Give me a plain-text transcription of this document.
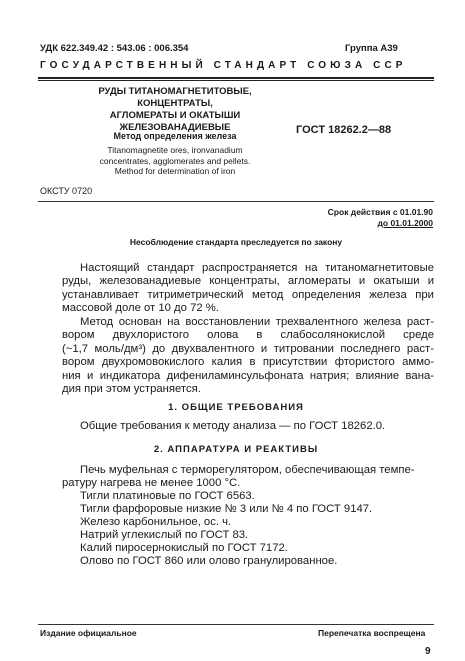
УДК 622.349.42 : 543.06 : 006.354	Группа А39
ГОСУДАРСТВЕННЫЙ СТАНДАРТ СОЮЗА ССР
РУДЫ ТИТАНОМАГНЕТИТОВЫЕ, КОНЦЕНТРАТЫ,
АГЛОМЕРАТЫ И ОКАТЫШИ
ЖЕЛЕЗОВАНАДИЕВЫЕ
Метод определения железа	ГОСТ 18262.2—88
Titanomagnetite ores, ironvanadium
concentrates, agglomerates and pellets.
Method for determination of iron
ОКСТУ 0720
Срок действия с 01.01.90
до 01.01.2000
Несоблюдение стандарта преследуется по закону
Настоящий стандарт распространяется на титаномагнетитовые
руды, железованадиевые концентраты, агломераты и окатыши и
устанавливает титриметрический метод определения железа при
массовой доле от 10 до 72 %.
Метод основан на восстановлении трехвалентного железа раст-
вором двухлористого олова в слабосолянокислой среде
(~1,7 моль/дм³) до двухвалентного и титровании последнего раст-
вором двухромовокислого калия в присутствии фтористого аммо-
ния и индикатора дифениламинсульфоната натрия; влияние вана-
дия при этом устраняется.
1. ОБЩИЕ ТРЕБОВАНИЯ
Общие требования к методу анализа — по ГОСТ 18262.0.
2. АППАРАТУРА И РЕАКТИВЫ
Печь муфельная с терморегулятором, обеспечивающая темпе-
ратуру нагрева не менее 1000 °С.
Тигли платиновые по ГОСТ 6563.
Тигли фарфоровые низкие № 3 или № 4 по ГОСТ 9147.
Железо карбонильное, ос. ч.
Натрий углекислый по ГОСТ 83.
Калий пиросернокислый по ГОСТ 7172.
Олово по ГОСТ 860 или олово гранулированное.
Издание официальное	Перепечатка воспрещена
9
